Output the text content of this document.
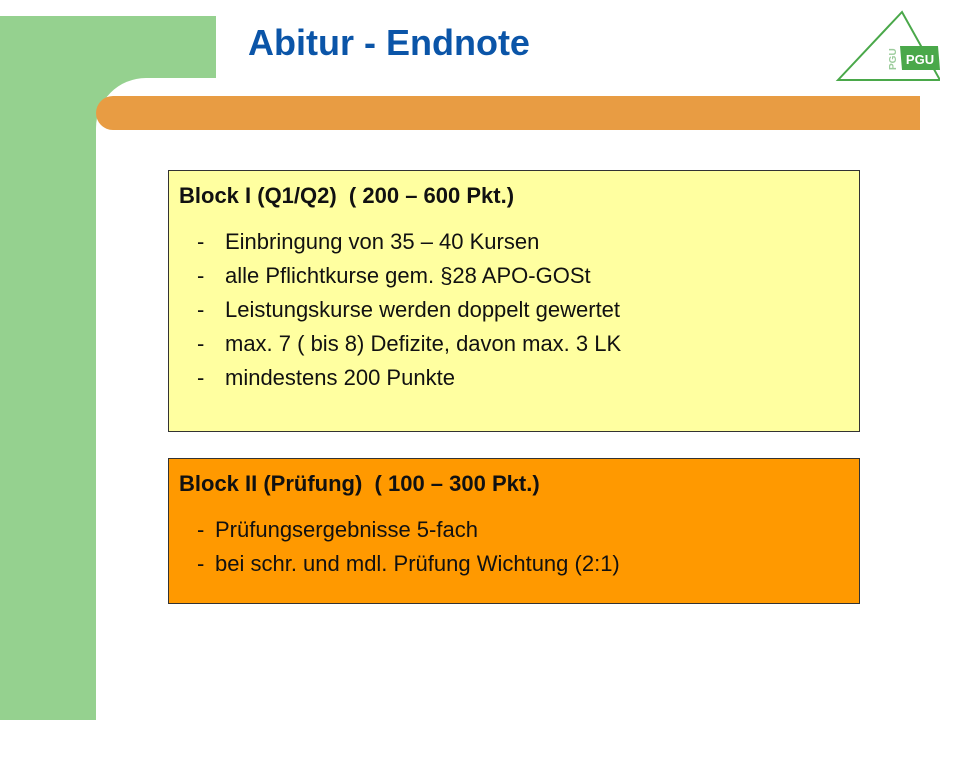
Abitur - Endnote	PGU
PGU

Block I (Q1/Q2)  ( 200 – 600 Pkt.)

- Einbringung von 35 – 40 Kursen
- alle Pflichtkurse gem. §28 APO-GOSt
- Leistungskurse werden doppelt gewertet
- max. 7 ( bis 8) Defizite, davon max. 3 LK
- mindestens 200 Punkte

Block II (Prüfung)  ( 100 – 300 Pkt.)

- Prüfungsergebnisse 5-fach
- bei schr. und mdl. Prüfung Wichtung (2:1)
